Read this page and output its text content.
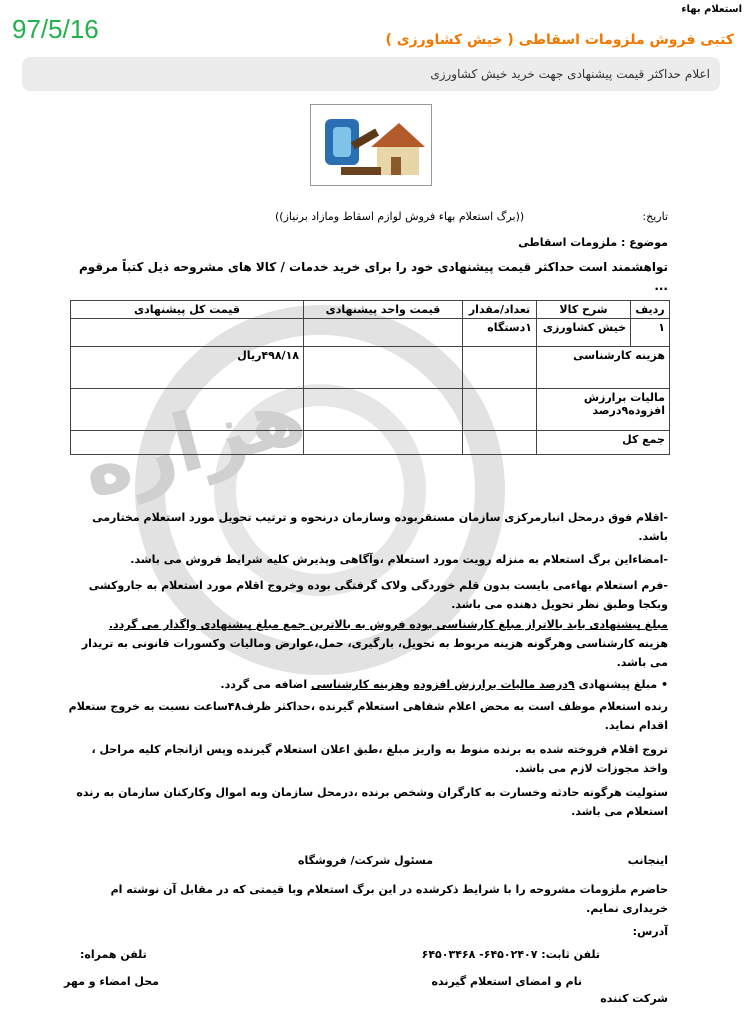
هزاره
استعلام بهاء
97/5/16	کتبی فروش ملزومات اسقاطی ( خیش کشاورزی )
اعلام حداکثر قیمت پیشنهادی جهت خرید خیش کشاورزی
تاریخ:
((برگ استعلام بهاء فروش لوازم اسقاط ومازاد برنیاز))
موضوع : ملزومات اسقاطی
تواهشمند است حداکثر قیمت پیشنهادی خود را برای خرید خدمات / کالا های مشروحه ذیل کتباً مرقوم ...
ردیف	شرح کالا	تعداد/مقدار	قیمت واحد پیشنهادی	قیمت کل پیشنهادی
۱	خیش کشاورزی	۱دستگاه		
هزینه کارشناسی				۴۹۸/۱۸ریال
مالیات برارزش افزوده۹درصد				
جمع کل				
-اقلام فوق درمحل انبارمرکزی سازمان مستقربوده وسازمان درنحوه و ترتیب تحویل مورد استعلام مختارمی باشد.
-امضاءاین برگ استعلام به منزله رویت مورد استعلام ،وآگاهی وپذیرش کلیه شرایط فروش می باشد.
-فرم استعلام بهاءمی بایست بدون قلم خوردگی ولاک گرفتگی بوده وخروج اقلام مورد استعلام به جاروکشی وبکجا وطبق نظر تحویل دهنده می باشد.
مبلغ پیشنهادی باید بالاتراز مبلغ کارشناسی بوده فروش به بالاترین جمع مبلغ پیشنهادی واگذار می گردد.
هزینه کارشناسی وهرگونه هزینه مربوط به تحویل، بارگیری، حمل،عوارض ومالیات وکسورات قانونی به تریدار می باشد.
• مبلغ پیشنهادی ۹درصد مالیات برارزش افزوده وهزینه کارشناسی اضافه می گردد.
رنده استعلام موظف است به محض اعلام شفاهی استعلام گیرنده ،حداکثر ظرف۴۸ساعت نسبت به خروج ستعلام اقدام نماید.
تروج اقلام فروخته شده به برنده منوط به واریز مبلغ ،طبق اعلان استعلام گیرنده وپس ازانجام کلیه مراحل ، واخذ مجوزات لازم می باشد.
ستولیت هرگونه حادثه وخسارت به کارگران وشخص برنده ،درمحل سازمان وبه اموال وکارکنان سازمان به رنده استعلام می باشد.
اینجانب
مسئول شرکت/ فروشگاه
حاضرم ملزومات مشروحه را با شرایط ذکرشده در این برگ استعلام وبا قیمتی که در مقابل آن نوشته ام خریداری نمایم.
آدرس:
تلفن ثابت: ۶۴۵۰۲۴۰۷- ۶۴۵۰۳۴۶۸
تلفن همراه:
نام و امضای استعلام گیرنده
محل امضاء و مهر
شرکت کننده
